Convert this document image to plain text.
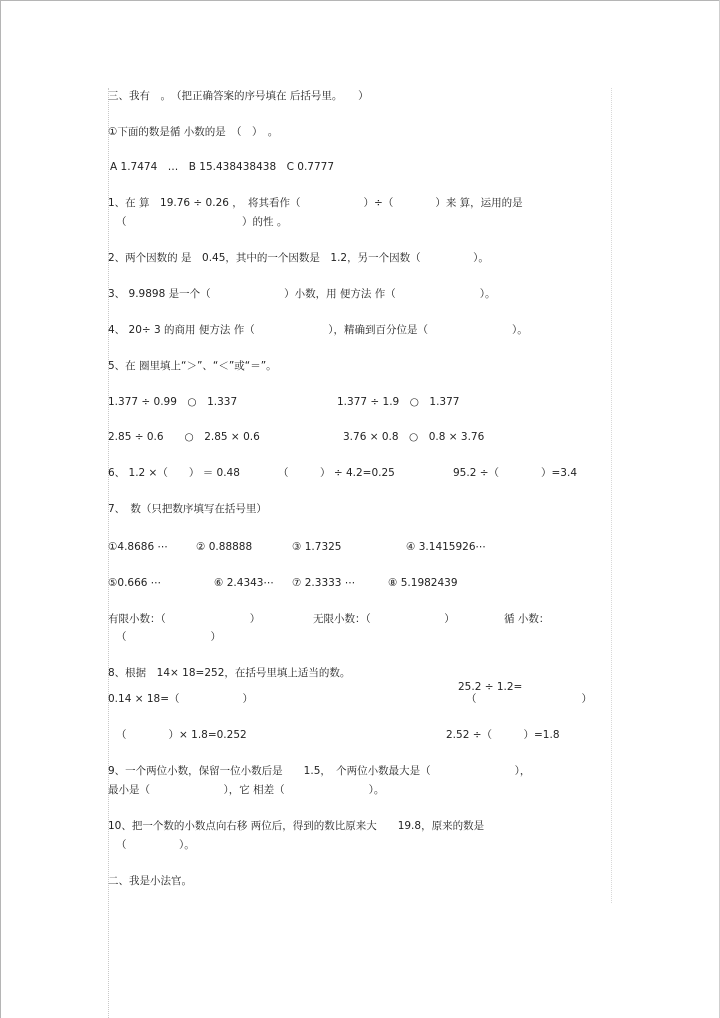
三、我有　。　（把正确答案的序号填在 后括号里。　　）
①下面的数是循 小数的是　（　）　。
A 1.7474　…　B 15.438438438　C 0.7777
1、在 算　19.76 ÷ 0.26 ，　将其看作（　　　　　　）÷（　　　　）来 算，运用的是
（　　　　　　　　　　　）的性 。
2、两个因数的 是　0.45，其中的一个因数是　1.2，另一个因数（　　　　　）。
3、 9.9898 是一个（　　　　　　　）小数，用 便方法 作（　　　　　　　　）。
4、 20÷ 3 的商用 便方法 作（　　　　　　　），精确到百分位是（　　　　　　　　）。
5、在 圈里填上“＞”、“＜”或“＝”。
1.377 ÷ 0.99　○　1.337	1.377 ÷ 1.9　○　1.377
2.85 ÷ 0.6　　○　2.85 × 0.6	3.76 × 0.8　○　0.8 × 3.76
6、 1.2 ×（　　） ＝ 0.48	（　　　） ÷ 4.2=0.25	95.2 ÷（　　　　）=3.4
7、　数（只把数序填写在括号里）
①4.8686 ⋯	② 0.88888	③ 1.7325	④ 3.1415926⋯
⑤0.666 ⋯	⑥ 2.4343⋯ ⑦ 2.3333 ⋯	⑧ 5.1982439
有限小数：（　　　　　　　　）	无限小数：（　　　　　　　）	循 小数：
（　　　　　　　　）
8、根据　14× 18=252，在括号里填上适当的数。
25.2 ÷ 1.2=
0.14 × 18=（　　　　　　）	（　　　　　　　　　　）
（　　　　）× 1.8=0.252	2.52 ÷（　　　）=1.8
9、一个两位小数，保留一位小数后是　　1.5，　个两位小数最大是（　　　　　　　　），
最小是（　　　　　　　），它 相差（　　　　　　　　）。
10、把一个数的小数点向右移 两位后，得到的数比原来大　　19.8，原来的数是
（　　　　　）。
二、我是小法官。
